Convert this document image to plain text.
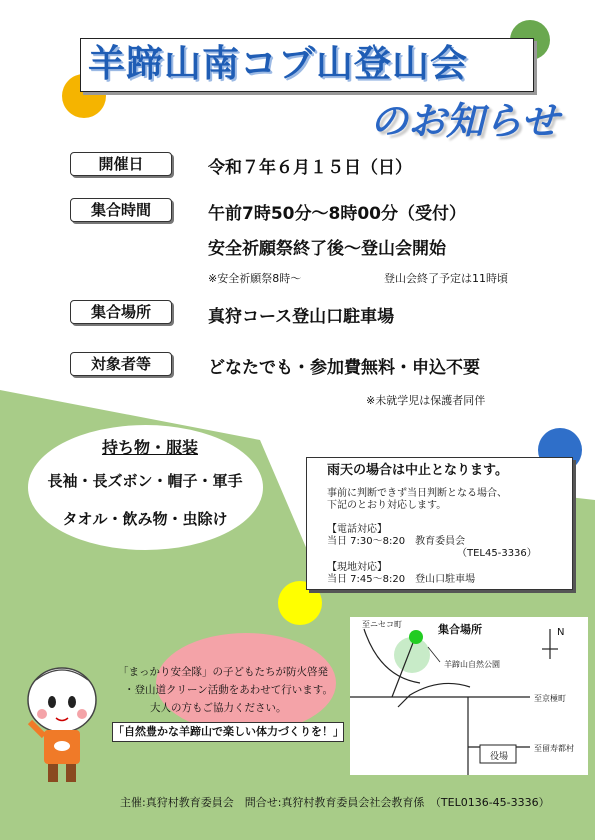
羊蹄山南コブ山登山会
のお知らせ
開催日	令和７年６月１５日（日）
集合時間	午前7時50分～8時00分（受付）
安全祈願祭終了後～登山会開始
※安全祈願祭8時～	登山会終了予定は11時頃
集合場所	真狩コース登山口駐車場
対象者等	どなたでも・参加費無料・申込不要
※未就学児は保護者同伴
持ち物・服装
長袖・長ズボン・帽子・軍手
タオル・飲み物・虫除け
雨天の場合は中止となります。
事前に判断できず当日判断となる場合、
下記のとおり対応します。
【電話対応】
当日 7:30～8:20　教育委員会
（TEL45-3336）
【現地対応】
当日 7:45～8:20　登山口駐車場
至ニセコ町	集合場所
羊蹄山自然公園
至京極町
至留寿都村
役場
N
「まっかり安全隊」の子どもたちが防火啓発
・登山道クリーン活動をあわせて行います。
大人の方もご協力ください。
「自然豊かな羊蹄山で楽しい体力づくりを！」
主催:真狩村教育委員会　問合せ:真狩村教育委員会社会教育係　（TEL0136-45-3336）
